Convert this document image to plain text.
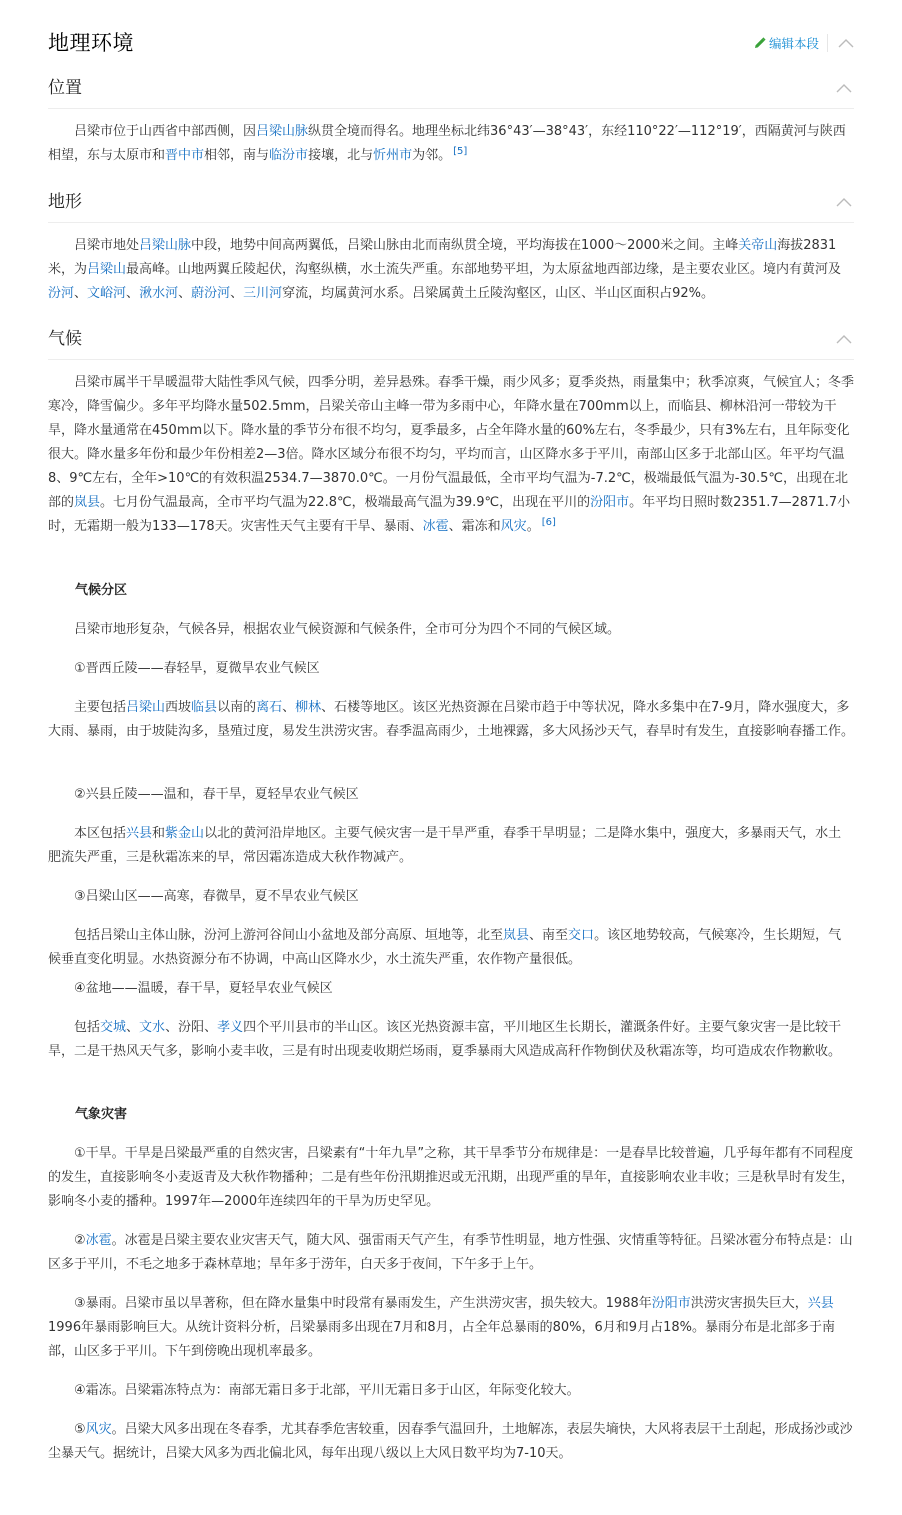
地理环境	编辑本段
位置

吕梁市位于山西省中部西侧，因吕梁山脉纵贯全境而得名。地理坐标北纬36°43′—38°43′，东经110°22′—112°19′，西隔黄河与陕西相望，东与太原市和晋中市相邻，南与临汾市接壤，北与忻州市为邻。 [5]

地形

吕梁市地处吕梁山脉中段，地势中间高两翼低，吕梁山脉由北而南纵贯全境，平均海拔在1000～2000米之间。主峰关帝山海拔2831米，为吕梁山最高峰。山地两翼丘陵起伏，沟壑纵横，水土流失严重。东部地势平坦，为太原盆地西部边缘，是主要农业区。境内有黄河及汾河、文峪河、湫水河、蔚汾河、三川河穿流，均属黄河水系。吕梁属黄土丘陵沟壑区，山区、半山区面积占92%。

气候

吕梁市属半干旱暖温带大陆性季风气候，四季分明，差异悬殊。春季干燥，雨少风多；夏季炎热，雨量集中；秋季凉爽，气候宜人；冬季寒冷，降雪偏少。多年平均降水量502.5mm，吕梁关帝山主峰一带为多雨中心，年降水量在700mm以上，而临县、柳林沿河一带较为干旱，降水量通常在450mm以下。降水量的季节分布很不均匀，夏季最多，占全年降水量的60%左右，冬季最少，只有3%左右，且年际变化很大。降水量多年份和最少年份相差2—3倍。降水区域分布很不均匀，平均而言，山区降水多于平川，南部山区多于北部山区。年平均气温8、9℃左右，全年>10℃的有效积温2534.7—3870.0℃。一月份气温最低，全市平均气温为-7.2℃，极端最低气温为-30.5℃，出现在北部的岚县。七月份气温最高，全市平均气温为22.8℃，极端最高气温为39.9℃，出现在平川的汾阳市。年平均日照时数2351.7—2871.7小时，无霜期一般为133—178天。灾害性天气主要有干旱、暴雨、冰雹、霜冻和风灾。 [6]

气候分区

吕梁市地形复杂，气候各异，根据农业气候资源和气候条件，全市可分为四个不同的气候区域。

①晋西丘陵——春轻旱，夏微旱农业气候区

主要包括吕梁山西坡临县以南的离石、柳林、石楼等地区。该区光热资源在吕梁市趋于中等状况，降水多集中在7-9月，降水强度大，多大雨、暴雨，由于坡陡沟多，垦殖过度，易发生洪涝灾害。春季温高雨少，土地裸露，多大风扬沙天气，春旱时有发生，直接影响春播工作。

②兴县丘陵——温和，春干旱，夏轻旱农业气候区

本区包括兴县和紫金山以北的黄河沿岸地区。主要气候灾害一是干旱严重，春季干旱明显；二是降水集中，强度大，多暴雨天气，水土肥流失严重，三是秋霜冻来的早，常因霜冻造成大秋作物减产。

③吕梁山区——高寒，春微旱，夏不旱农业气候区

包括吕梁山主体山脉，汾河上游河谷间山小盆地及部分高原、垣地等，北至岚县、南至交口。该区地势较高，气候寒冷，生长期短，气候垂直变化明显。水热资源分布不协调，中高山区降水少，水土流失严重，农作物产量很低。

④盆地——温暖，春干旱，夏轻旱农业气候区

包括交城、文水、汾阳、孝义四个平川县市的半山区。该区光热资源丰富，平川地区生长期长，灌溉条件好。主要气象灾害一是比较干旱，二是干热风天气多，影响小麦丰收，三是有时出现麦收期烂场雨，夏季暴雨大风造成高秆作物倒伏及秋霜冻等，均可造成农作物歉收。

气象灾害

①干旱。干旱是吕梁最严重的自然灾害，吕梁素有“十年九旱”之称，其干旱季节分布规律是：一是春旱比较普遍，几乎每年都有不同程度的发生，直接影响冬小麦返青及大秋作物播种；二是有些年份汛期推迟或无汛期，出现严重的旱年，直接影响农业丰收；三是秋旱时有发生，影响冬小麦的播种。1997年—2000年连续四年的干旱为历史罕见。

②冰雹。冰雹是吕梁主要农业灾害天气，随大风、强雷雨天气产生，有季节性明显，地方性强、灾情重等特征。吕梁冰雹分布特点是：山区多于平川，不毛之地多于森林草地；旱年多于涝年，白天多于夜间，下午多于上午。

③暴雨。吕梁市虽以旱著称，但在降水量集中时段常有暴雨发生，产生洪涝灾害，损失较大。1988年汾阳市洪涝灾害损失巨大，兴县1996年暴雨影响巨大。从统计资料分析，吕梁暴雨多出现在7月和8月，占全年总暴雨的80%，6月和9月占18%。暴雨分布是北部多于南部，山区多于平川。下午到傍晚出现机率最多。

④霜冻。吕梁霜冻特点为：南部无霜日多于北部，平川无霜日多于山区，年际变化较大。

⑤风灾。吕梁大风多出现在冬春季，尤其春季危害较重，因春季气温回升，土地解冻，表层失墒快，大风将表层干土刮起，形成扬沙或沙尘暴天气。据统计，吕梁大风多为西北偏北风，每年出现八级以上大风日数平均为7-10天。
